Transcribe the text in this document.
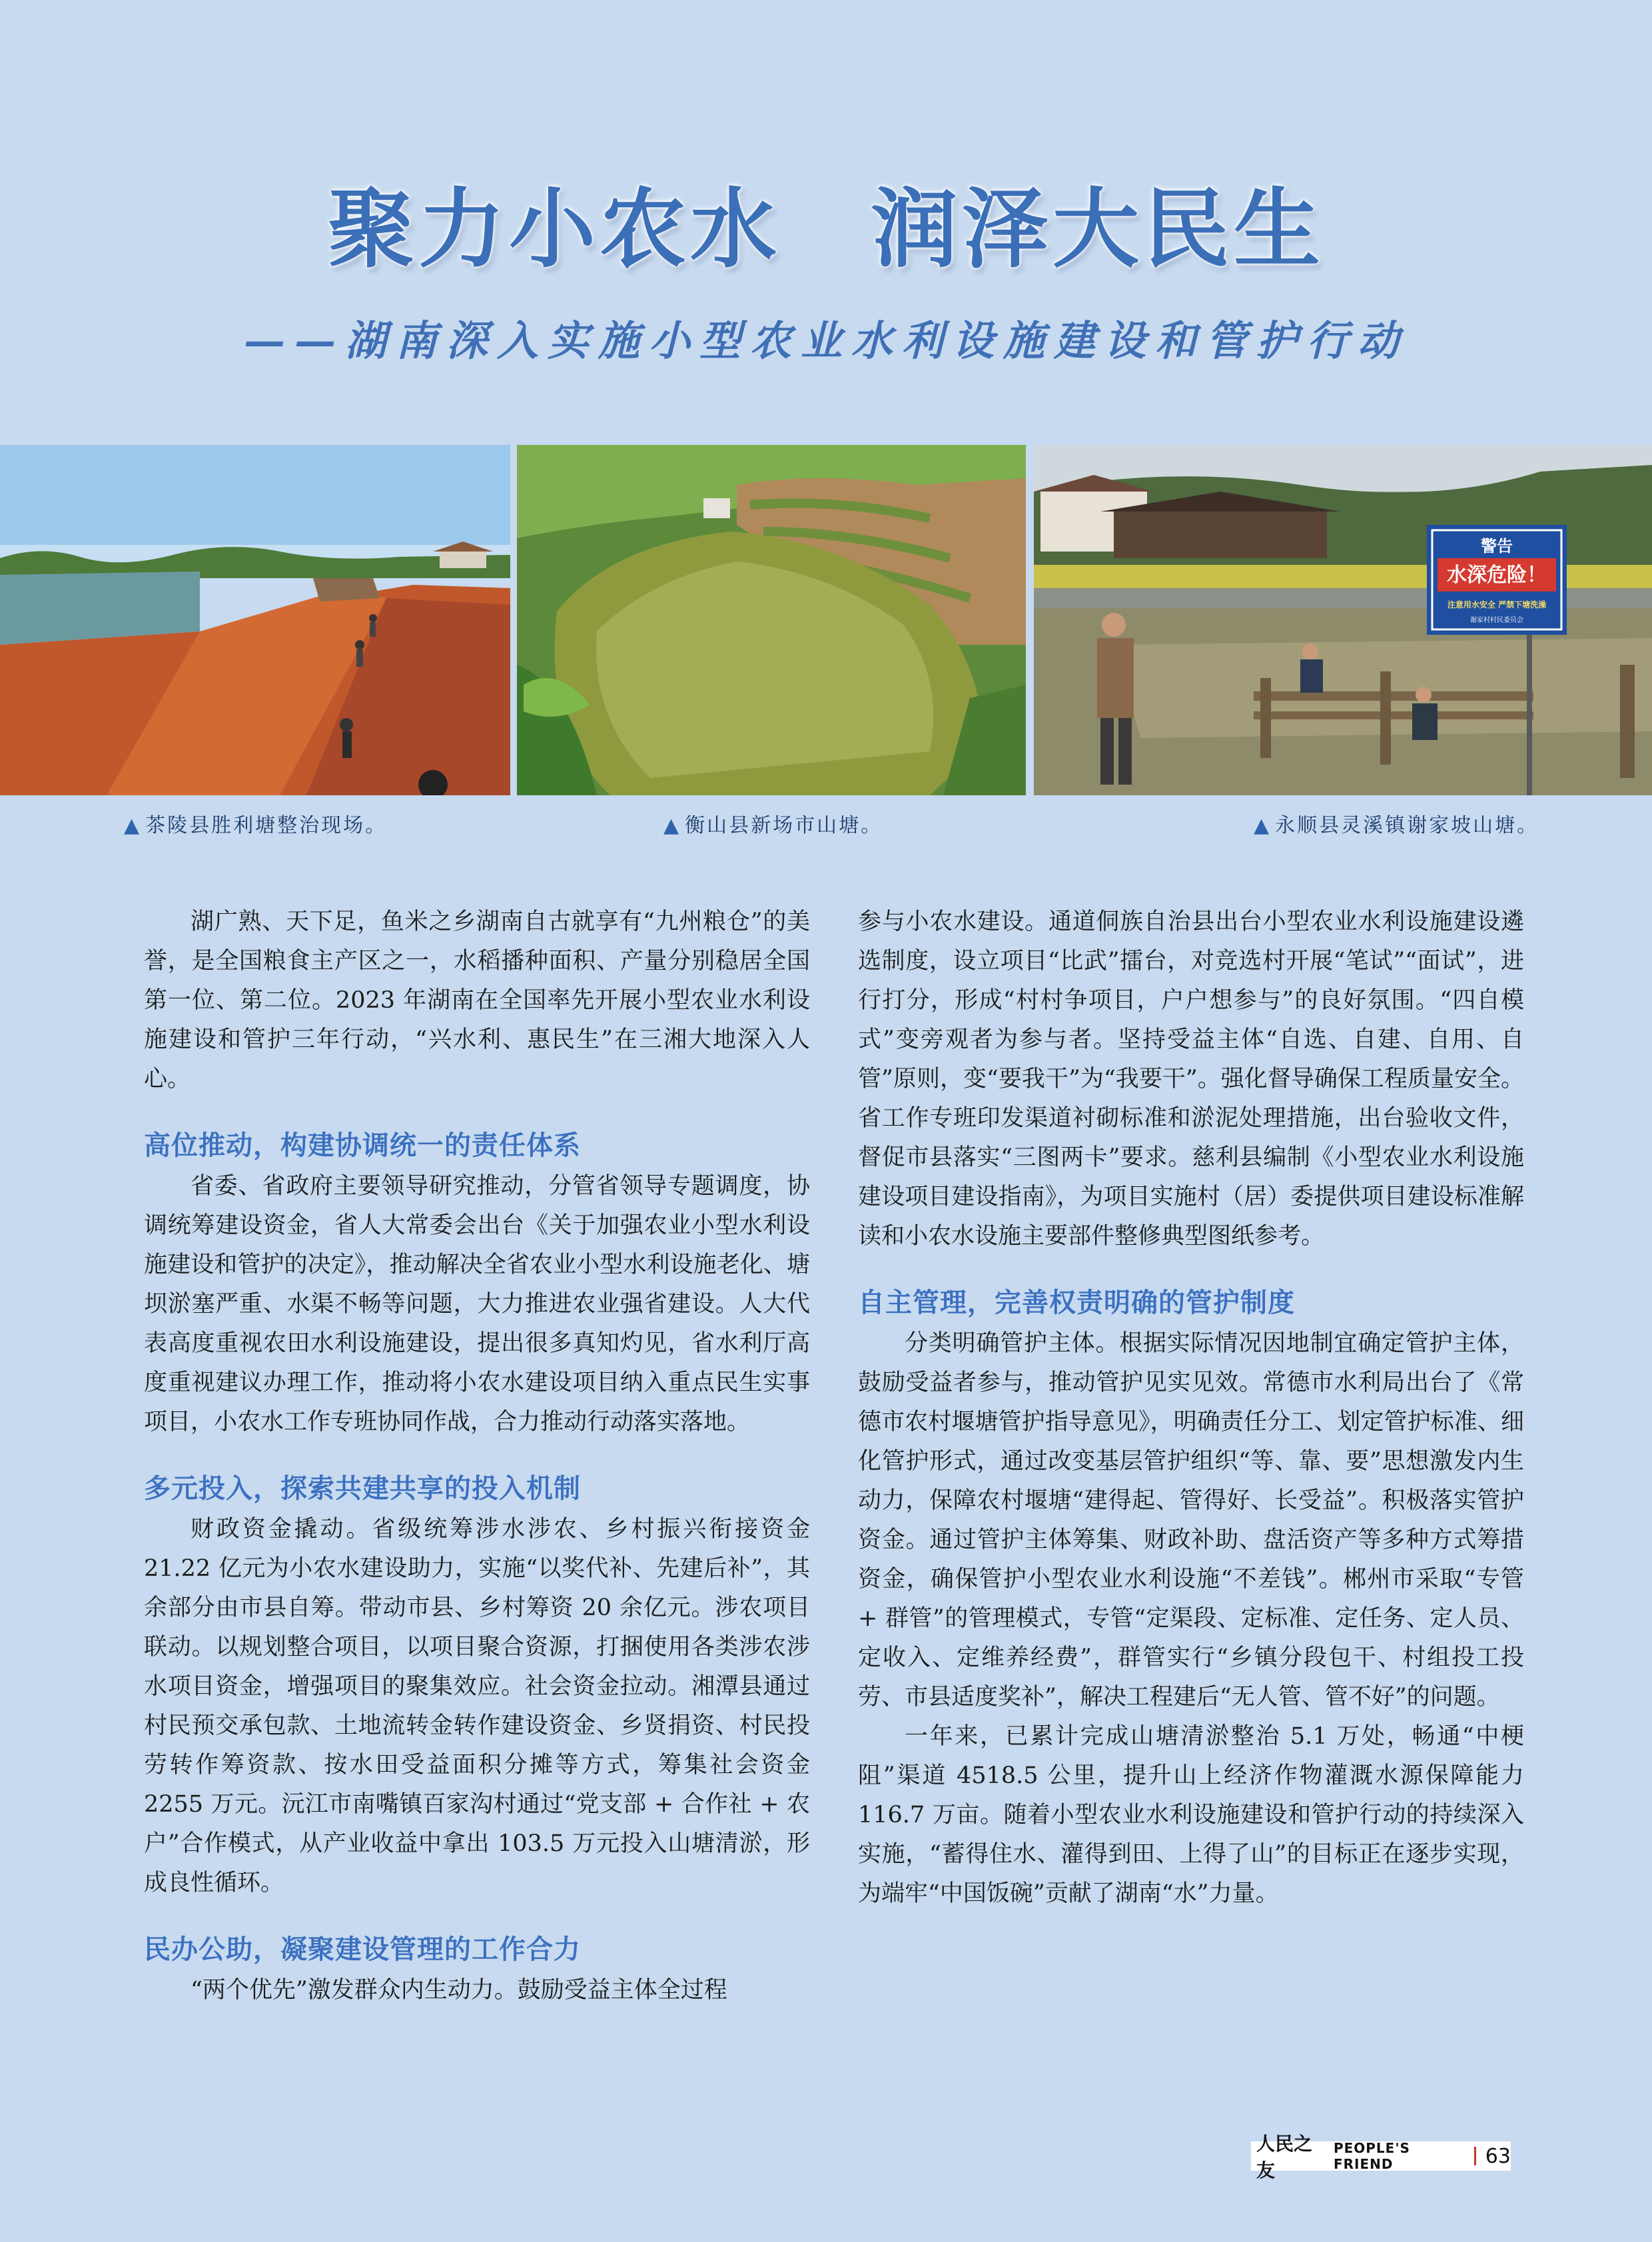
聚力小农水　润泽大民生
——湖南深入实施小型农业水利设施建设和管护行动
警告
水深危险！
注意用水安全 严禁下塘洗澡
谢家村村民委员会
▲ 茶陵县胜利塘整治现场。	▲ 衡山县新场市山塘。	▲ 永顺县灵溪镇谢家坡山塘。

湖广熟、天下足，鱼米之乡湖南自古就享有“九州粮仓”的美誉，是全国粮食主产区之一，水稻播种面积、产量分别稳居全国第一位、第二位。2023 年湖南在全国率先开展小型农业水利设施建设和管护三年行动，“兴水利、惠民生”在三湘大地深入人心。

高位推动，构建协调统一的责任体系

省委、省政府主要领导研究推动，分管省领导专题调度，协调统筹建设资金，省人大常委会出台《关于加强农业小型水利设施建设和管护的决定》，推动解决全省农业小型水利设施老化、塘坝淤塞严重、水渠不畅等问题，大力推进农业强省建设。人大代表高度重视农田水利设施建设，提出很多真知灼见，省水利厅高度重视建议办理工作，推动将小农水建设项目纳入重点民生实事项目，小农水工作专班协同作战，合力推动行动落实落地。

多元投入，探索共建共享的投入机制

财政资金撬动。省级统筹涉水涉农、乡村振兴衔接资金 21.22 亿元为小农水建设助力，实施“以奖代补、先建后补”，其余部分由市县自筹。带动市县、乡村筹资 20 余亿元。涉农项目联动。以规划整合项目，以项目聚合资源，打捆使用各类涉农涉水项目资金，增强项目的聚集效应。社会资金拉动。湘潭县通过村民预交承包款、土地流转金转作建设资金、乡贤捐资、村民投劳转作筹资款、按水田受益面积分摊等方式，筹集社会资金 2255 万元。沅江市南嘴镇百家沟村通过“党支部 + 合作社 + 农户”合作模式，从产业收益中拿出 103.5 万元投入山塘清淤，形成良性循环。

民办公助，凝聚建设管理的工作合力

“两个优先”激发群众内生动力。鼓励受益主体全过程

参与小农水建设。通道侗族自治县出台小型农业水利设施建设遴选制度，设立项目“比武”擂台，对竞选村开展“笔试”“面试”，进行打分，形成“村村争项目，户户想参与”的良好氛围。“四自模式”变旁观者为参与者。坚持受益主体“自选、自建、自用、自管”原则，变“要我干”为“我要干”。强化督导确保工程质量安全。省工作专班印发渠道衬砌标准和淤泥处理措施，出台验收文件，督促市县落实“三图两卡”要求。慈利县编制《小型农业水利设施建设项目建设指南》，为项目实施村（居）委提供项目建设标准解读和小农水设施主要部件整修典型图纸参考。

自主管理，完善权责明确的管护制度

分类明确管护主体。根据实际情况因地制宜确定管护主体，鼓励受益者参与，推动管护见实见效。常德市水利局出台了《常德市农村堰塘管护指导意见》，明确责任分工、划定管护标准、细化管护形式，通过改变基层管护组织“等、靠、要”思想激发内生动力，保障农村堰塘“建得起、管得好、长受益”。积极落实管护资金。通过管护主体筹集、财政补助、盘活资产等多种方式筹措资金，确保管护小型农业水利设施“不差钱”。郴州市采取“专管 + 群管”的管理模式，专管“定渠段、定标准、定任务、定人员、定收入、定维养经费”，群管实行“乡镇分段包干、村组投工投劳、市县适度奖补”，解决工程建后“无人管、管不好”的问题。

一年来，已累计完成山塘清淤整治 5.1 万处，畅通“中梗阻”渠道 4518.5 公里，提升山上经济作物灌溉水源保障能力 116.7 万亩。随着小型农业水利设施建设和管护行动的持续深入实施，“蓄得住水、灌得到田、上得了山”的目标正在逐步实现，为端牢“中国饭碗”贡献了湖南“水”力量。

人民之友
PEOPLE'S FRIEND	63
